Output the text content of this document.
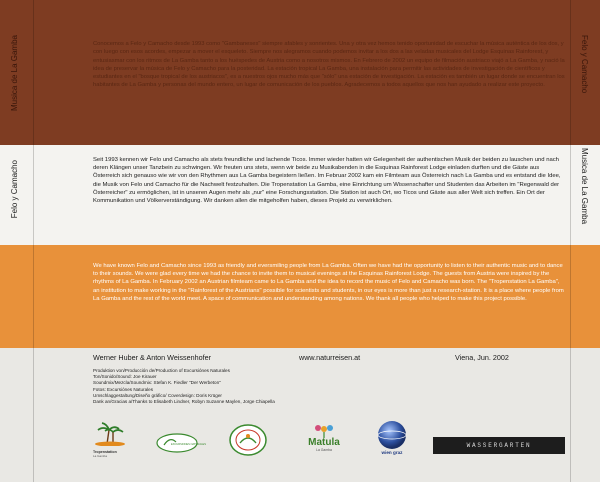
Musica de La Gamba
Felo y Camacho
Felo y Camacho
Musica de La Gamba
Conocemos a Felo y Camacho desde 1993 como "Gambaneses" siempre afables y sonrientes. Una y otra vez hemos tenido oportunidad de escuchar la música auténtica de los dos, y con luego con esos acordes, empezar a mover el esqueleto. Siempre nos alegramos cuando podemos invitar a los dos a las veladas musicales del Lodge Esquinas Rainforest, y entusiasmar con los ritmos de La Gamba tanto a los huéspedes de Austria como a nosotros mismos. En Febrero de 2002 un equipo de filmación austriaco viajó a La Gamba, y nació la idea de preservar la música de Felo y Camacho para la posteridad. La estación tropical La Gamba, una instalación para permitir las actividades de investigación de científicos y estudiantes en el "bosque tropical de los austriacos", es a nuestros ojos mucho más que "sólo" una estación de investigación. La estación es también un lugar donde se encuentran los habitantes de La Gamba y personas del mundo entero, un lugar de comunicación de los pueblos. Agradecemos a todos aquellos que nos han ayudado a realizar este proyecto.
Seit 1993 kennen wir Felo und Camacho als stets freundliche und lachende Ticos. Immer wieder hatten wir Gelegenheit der authentischen Musik der beiden zu lauschen und nach deren Klängen unser Tanzbein zu schwingen. Wir freuten uns stets, wenn wir beide zu Musikabenden in die Esquinas Rainforest Lodge einladen durften und die Gäste aus Österreich sich genauso wie wir von den Rhythmen aus La Gamba begeistern ließen. Im Februar 2002 kam ein Filmteam aus Österreich nach La Gamba und es entstand die Idee, die Musik von Felo und Camacho für die Nachwelt festzuhalten. Die Tropenstation La Gamba, eine Einrichtung um Wissenschafter und Studenten das Arbeiten im "Regenwald der Österreicher" zu ermöglichen, ist in unseren Augen mehr als „nur" eine Forschungsstation. Die Station ist auch Ort, wo Ticos und Gäste aus aller Welt sich treffen. Ein Ort der Kommunikation und Völkerverständigung. Wir danken allen die mitgeholfen haben, dieses Projekt zu verwirklichen.
We have known Felo and Camacho since 1993 as friendly and eversmiling people from La Gamba. Often we have had the opportunity to listen to their authentic music and to dance to their sounds. We were glad every time we had the chance to invite them to musical evenings at the Esquinas Rainforest Lodge. The guests from Austria were inspired by the rhythms of La Gamba. In February 2002 an Austrian filmteam came to La Gamba and the idea to record the music of Felo and Camacho was born. The "Tropenstation La Gamba", an institution to make working in the "Rainforest of the Austrians" possible for scientists and students, in our eyes is more than just a research-station. It is a place where people from La Gamba and the rest of the world meet. A space of communication and understanding among nations. We thank all people who helped to make this project possible.
Werner Huber & Anton Weissenhofer	www.naturreisen.at	Viena, Jun. 2002
Produktion von/Producción de/Production of Excursiónes Naturales
Ton/Sonido/Sound: Joe Kirauer
Soundmix/Mezcla/Soundmix: Stefan K. Fiedler "Der Werbeton"
Fotos: Excursiónes Naturales
Umschlaggestaltung/Diseño gráfico/ Coverdesign: Doris Krüger
Dank an/Gracias a/Thanks to Elisabeth Lindner, Robyn Suzanne Maylen, Jorge Chiapella
Tropenstation
La Gamba
EXCURSIONES NATURALES	Matula
La Gamba	wien graz
WASSERGARTEN
